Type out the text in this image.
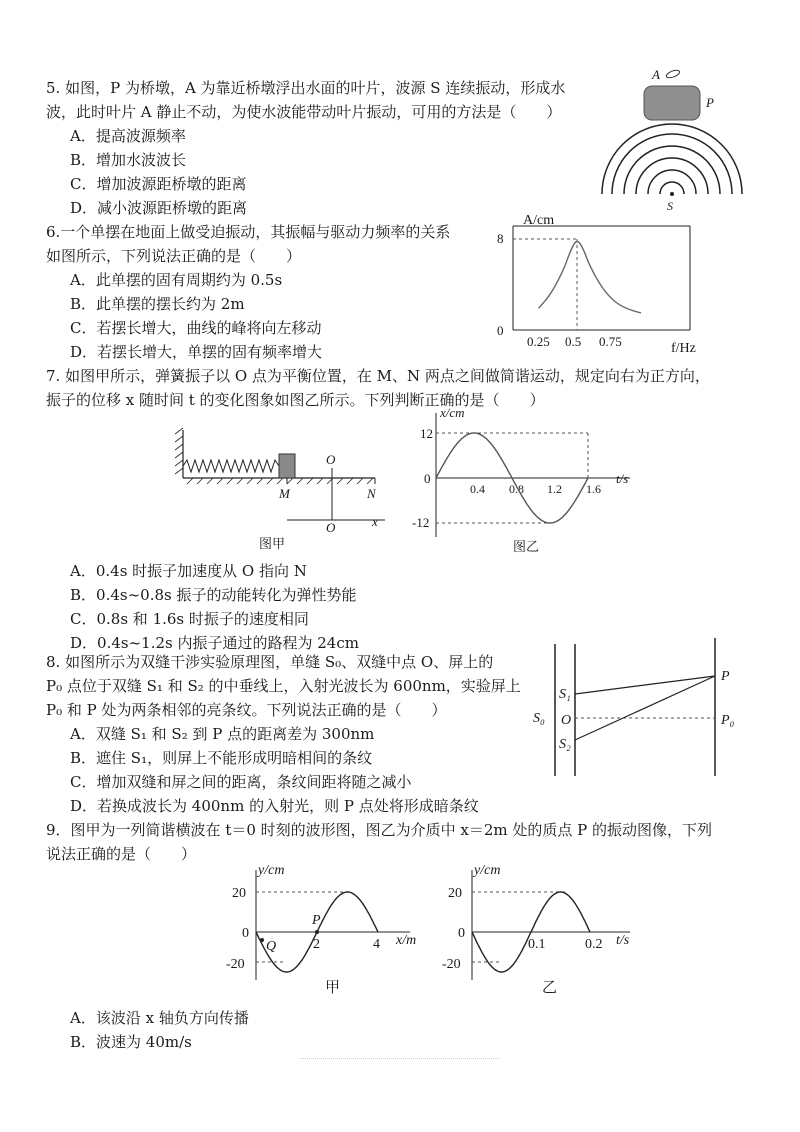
5. 如图，P 为桥墩，A 为靠近桥墩浮出水面的叶片，波源 S 连续振动，形成水
波，此时叶片 A 静止不动，为使水波能带动叶片振动，可用的方法是（　　）
A．提高波源频率
B．增加水波波长
C．增加波源距桥墩的距离
D．减小波源距桥墩的距离
A
P
S
6.一个单摆在地面上做受迫振动，其振幅与驱动力频率的关系
如图所示，下列说法正确的是（　　）
A．此单摆的固有周期约为 0.5s
B．此单摆的摆长约为 2m
C．若摆长增大，曲线的峰将向左移动
D．若摆长增大，单摆的固有频率增大
A/cm
f/Hz
8
0
0.25 0.5 0.75
7. 如图甲所示，弹簧振子以 O 点为平衡位置，在 M、N 两点之间做简谐运动，规定向右为正方向，
振子的位移 x 随时间 t 的变化图象如图乙所示。下列判断正确的是（　　）
O
M	N
O	x
图甲
x/cm
t/s
12
0
-12
0.4 0.8 1.2 1.6
图乙
A．0.4s 时振子加速度从 O 指向 N
B．0.4s~0.8s 振子的动能转化为弹性势能
C．0.8s 和 1.6s 时振子的速度相同
D．0.4s~1.2s 内振子通过的路程为 24cm
8. 如图所示为双缝干涉实验原理图，单缝 S₀、双缝中点 O、屏上的
P₀ 点位于双缝 S₁ 和 S₂ 的中垂线上，入射光波长为 600nm，实验屏上
P₀ 和 P 处为两条相邻的亮条纹。下列说法正确的是（　　）
A．双缝 S₁ 和 S₂ 到 P 点的距离差为 300nm
B．遮住 S₁，则屏上不能形成明暗相间的条纹
C．增加双缝和屏之间的距离，条纹间距将随之减小
D．若换成波长为 400nm 的入射光，则 P 点处将形成暗条纹
S₀
S₁
O
S₂
P
P₀
9．图甲为一列简谐横波在 t＝0 时刻的波形图，图乙为介质中 x＝2m 处的质点 P 的振动图像，下列
说法正确的是（　　）
y/cm
x/m
20
0
-20
2	4
P
Q
甲
y/cm
t/s
20
0
-20
0.1	0.2
乙
A．该波沿 x 轴负方向传播
B．波速为 40m/s
